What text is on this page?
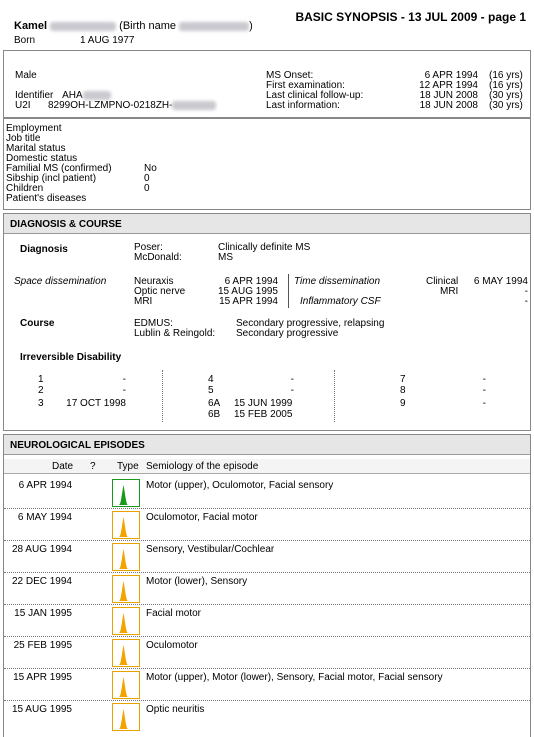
Kamel	(Birth name	)
Born	1 AUG 1977
BASIC SYNOPSIS - 13 JUL 2009 - page 1
Male
Identifier AHA
U2I 8299OH-LZMPNO-0218ZH-
MS Onset:	6 APR 1994 (16 yrs)
First examination:	12 APR 1994 (16 yrs)
Last clinical follow-up:	18 JUN 2008 (30 yrs)
Last information:	18 JUN 2008 (30 yrs)
Employment
Job title
Marital status
Domestic status
Familial MS (confirmed)	No
Sibship (incl patient)	0
Children	0
Patient's diseases
DIAGNOSIS & COURSE
Diagnosis	Poser:	Clinically definite MS
McDonald:	MS
Space dissemination	Neuraxis	6 APR 1994
Optic nerve	15 AUG 1995
MRI	15 APR 1994
Time dissemination	Clinical	6 MAY 1994
MRI	-
Inflammatory CSF	-
Course	EDMUS:	Secondary progressive, relapsing
Lublin & Reingold: Secondary progressive
Irreversible Disability
1	-
2	-
3	17 OCT 1998
4	-
5	-
6A 15 JUN 1999
6B 15 FEB 2005
7	-
8	-
9	-
NEUROLOGICAL EPISODES
Date ? Type Semiology of the episode
6 APR 1994	Motor (upper), Oculomotor, Facial sensory
6 MAY 1994	Oculomotor, Facial motor
28 AUG 1994	Sensory, Vestibular/Cochlear
22 DEC 1994	Motor (lower), Sensory
15 JAN 1995	Facial motor
25 FEB 1995	Oculomotor
15 APR 1995	Motor (upper), Motor (lower), Sensory, Facial motor, Facial sensory
15 AUG 1995	Optic neuritis
